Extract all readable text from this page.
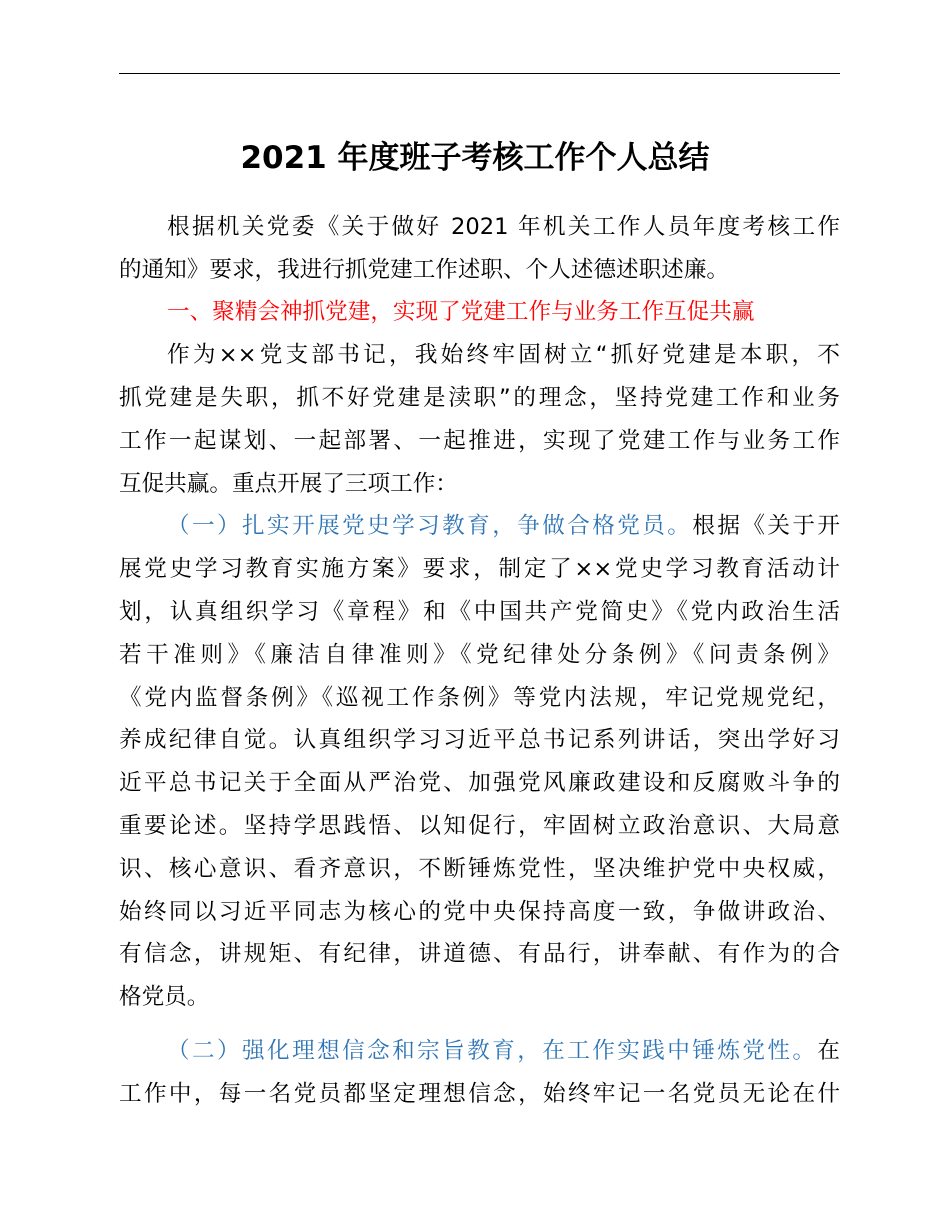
2021 年度班子考核工作个人总结
根据机关党委《关于做好 2021 年机关工作人员年度考核工作
的通知》要求，我进行抓党建工作述职、个人述德述职述廉。
一、聚精会神抓党建，实现了党建工作与业务工作互促共赢
作为××党支部书记，我始终牢固树立“抓好党建是本职，不
抓党建是失职，抓不好党建是渎职”的理念，坚持党建工作和业务
工作一起谋划、一起部署、一起推进，实现了党建工作与业务工作
互促共赢。重点开展了三项工作：
（一）扎实开展党史学习教育，争做合格党员。根据《关于开
展党史学习教育实施方案》要求，制定了××党史学习教育活动计
划，认真组织学习《章程》和《中国共产党简史》《党内政治生活
若干准则》《廉洁自律准则》《党纪律处分条例》《问责条例》
《党内监督条例》《巡视工作条例》等党内法规，牢记党规党纪，
养成纪律自觉。认真组织学习习近平总书记系列讲话，突出学好习
近平总书记关于全面从严治党、加强党风廉政建设和反腐败斗争的
重要论述。坚持学思践悟、以知促行，牢固树立政治意识、大局意
识、核心意识、看齐意识，不断锤炼党性，坚决维护党中央权威，
始终同以习近平同志为核心的党中央保持高度一致，争做讲政治、
有信念，讲规矩、有纪律，讲道德、有品行，讲奉献、有作为的合
格党员。
（二）强化理想信念和宗旨教育，在工作实践中锤炼党性。在
工作中，每一名党员都坚定理想信念，始终牢记一名党员无论在什
